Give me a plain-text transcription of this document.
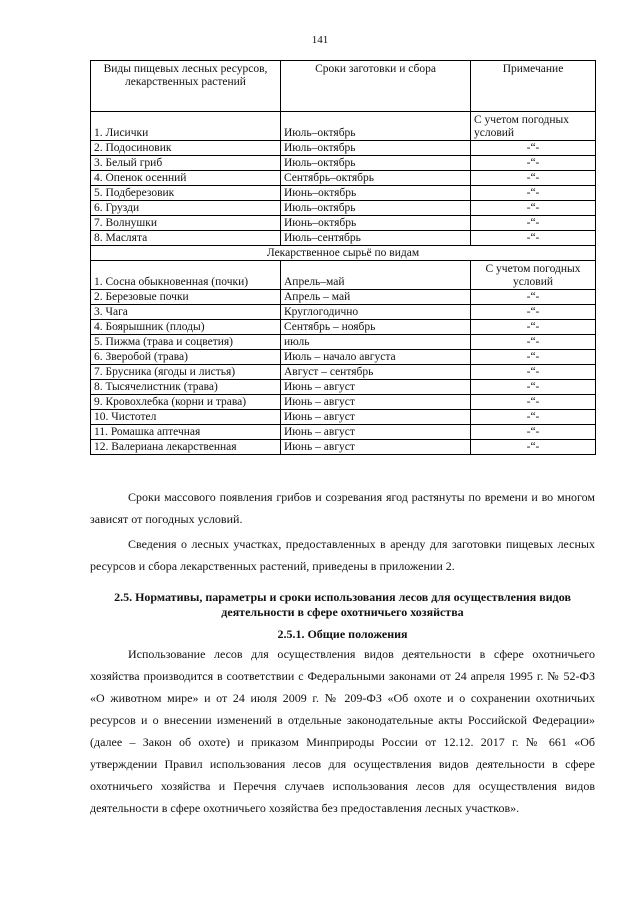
141
Виды пищевых лесных ресурсов, лекарственных растений	Сроки заготовки и сбора	Примечание
1. Лисички	Июль–октябрь	С учетом погодных условий
2. Подосиновик	Июль–октябрь	-“-
3. Белый гриб	Июль–октябрь	-“-
4. Опенок осенний	Сентябрь–октябрь	-“-
5. Подберезовик	Июнь–октябрь	-“-
6. Грузди	Июль–октябрь	-“-
7. Волнушки	Июнь–октябрь	-“-
8. Маслята	Июль–сентябрь	-“-
Лекарственное сырьё по видам		
1. Сосна обыкновенная (почки)	Апрель–май	С учетом погодных условий
2. Березовые почки	Апрель – май	-“-
3. Чага	Круглогодично	-“-
4. Боярышник (плоды)	Сентябрь – ноябрь	-“-
5. Пижма (трава и соцветия)	июль	-“-
6. Зверобой (трава)	Июль – начало августа	-“-
7. Брусника (ягоды и листья)	Август – сентябрь	-“-
8. Тысячелистник (трава)	Июнь – август	-“-
9. Кровохлебка (корни и трава)	Июнь – август	-“-
10. Чистотел	Июнь – август	-“-
11. Ромашка аптечная	Июнь – август	-“-
12. Валериана лекарственная	Июнь – август	-“-

Сроки массового появления грибов и созревания ягод растянуты по времени и во многом зависят от погодных условий.

Сведения о лесных участках, предоставленных в аренду для заготовки пищевых лесных ресурсов и сбора лекарственных растений, приведены в приложении 2.

2.5. Нормативы, параметры и сроки использования лесов для осуществления видов деятельности в сфере охотничьего хозяйства
2.5.1. Общие положения

Использование лесов для осуществления видов деятельности в сфере охотничьего хозяйства производится в соответствии с Федеральными законами от 24 апреля 1995 г. № 52-ФЗ «О животном мире» и от 24 июля 2009 г. № 209-ФЗ «Об охоте и о сохранении охотничьих ресурсов и о внесении изменений в отдельные законодательные акты Российской Федерации» (далее – Закон об охоте) и приказом Минприроды России от 12.12. 2017 г. № 661 «Об утверждении Правил использования лесов для осуществления видов деятельности в сфере охотничьего хозяйства и Перечня случаев использования лесов для осуществления видов деятельности в сфере охотничьего хозяйства без предоставления лесных участков».
